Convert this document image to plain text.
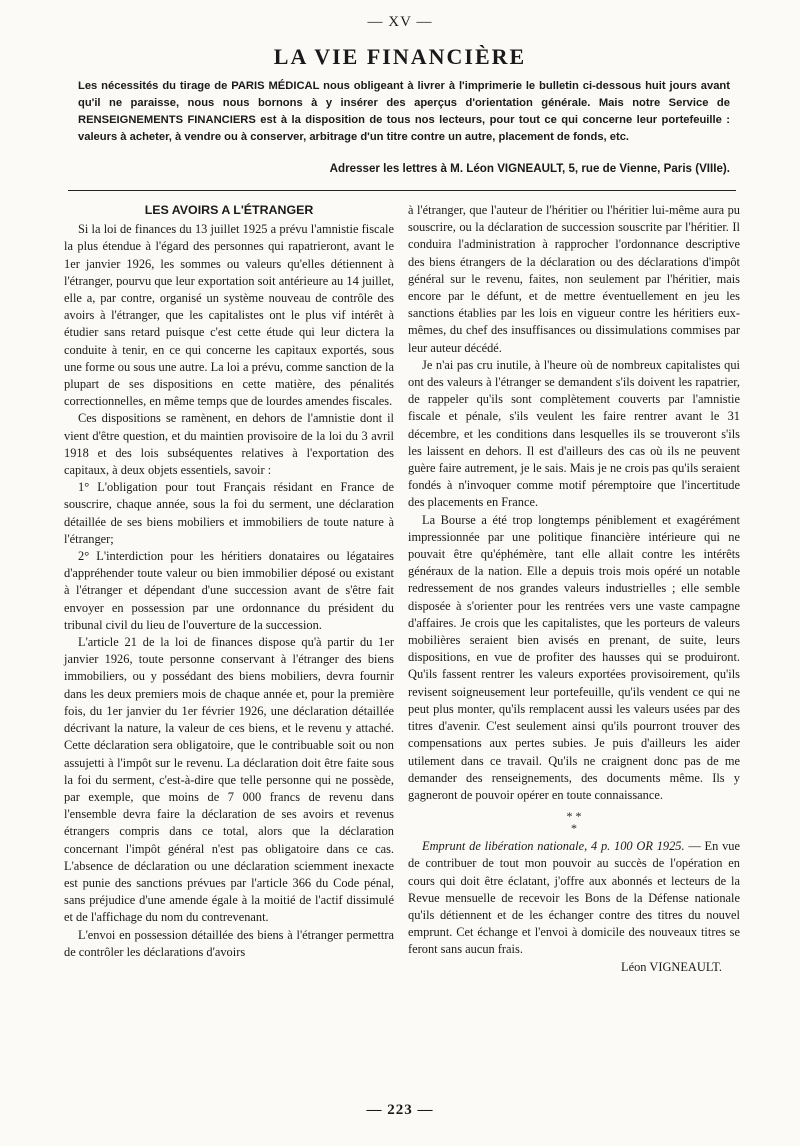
— XV —
LA VIE FINANCIÈRE
Les nécessités du tirage de PARIS MÉDICAL nous obligeant à livrer à l'imprimerie le bulletin ci-dessous huit jours avant qu'il ne paraisse, nous nous bornons à y insérer des aperçus d'orientation générale. Mais notre Service de RENSEIGNEMENTS FINANCIERS est à la disposition de tous nos lecteurs, pour tout ce qui concerne leur portefeuille : valeurs à acheter, à vendre ou à conserver, arbitrage d'un titre contre un autre, placement de fonds, etc.
Adresser les lettres à M. Léon VIGNEAULT, 5, rue de Vienne, Paris (VIIIe).
LES AVOIRS A L'ÉTRANGER

Si la loi de finances du 13 juillet 1925 a prévu l'amnistie fiscale la plus étendue à l'égard des personnes qui rapatrieront, avant le 1er janvier 1926, les sommes ou valeurs qu'elles détiennent à l'étranger, pourvu que leur exportation soit antérieure au 14 juillet, elle a, par contre, organisé un système nouveau de contrôle des avoirs à l'étranger, que les capitalistes ont le plus vif intérêt à étudier sans retard puisque c'est cette étude qui leur dictera la conduite à tenir, en ce qui concerne les capitaux exportés, sous une forme ou sous une autre. La loi a prévu, comme sanction de la plupart de ses dispositions en cette matière, des pénalités correctionnelles, en même temps que de lourdes amendes fiscales.

Ces dispositions se ramènent, en dehors de l'amnistie dont il vient d'être question, et du maintien provisoire de la loi du 3 avril 1918 et des lois subséquentes relatives à l'exportation des capitaux, à deux objets essentiels, savoir :

1° L'obligation pour tout Français résidant en France de souscrire, chaque année, sous la foi du serment, une déclaration détaillée de ses biens mobiliers et immobiliers de toute nature à l'étranger;

2° L'interdiction pour les héritiers donataires ou légataires d'appréhender toute valeur ou bien immobilier déposé ou existant à l'étranger et dépendant d'une succession avant de s'être fait envoyer en possession par une ordonnance du président du tribunal civil du lieu de l'ouverture de la succession.

L'article 21 de la loi de finances dispose qu'à partir du 1er janvier 1926, toute personne conservant à l'étranger des biens immobiliers, ou y possédant des biens mobiliers, devra fournir dans les deux premiers mois de chaque année et, pour la première fois, du 1er janvier du 1er février 1926, une déclaration détaillée décrivant la nature, la valeur de ces biens, et le revenu y attaché. Cette déclaration sera obligatoire, que le contribuable soit ou non assujetti à l'impôt sur le revenu. La déclaration doit être faite sous la foi du serment, c'est-à-dire que telle personne qui ne possède, par exemple, que moins de 7 000 francs de revenu dans l'ensemble devra faire la déclaration de ses avoirs et revenus étrangers compris dans ce total, alors que la déclaration concernant l'impôt général n'est pas obligatoire dans ce cas. L'absence de déclaration ou une déclaration sciemment inexacte est punie des sanctions prévues par l'article 366 du Code pénal, sans préjudice d'une amende égale à la moitié de l'actif dissimulé et de l'affichage du nom du contrevenant.

L'envoi en possession détaillée des biens à l'étranger permettra de contrôler les déclarations d'avoirs

à l'étranger, que l'auteur de l'héritier ou l'héritier lui-même aura pu souscrire, ou la déclaration de succession souscrite par l'héritier. Il conduira l'administration à rapprocher l'ordonnance descriptive des biens étrangers de la déclaration ou des déclarations d'impôt général sur le revenu, faites, non seulement par l'héritier, mais encore par le défunt, et de mettre éventuellement en jeu les sanctions établies par les lois en vigueur contre les héritiers eux-mêmes, du chef des insuffisances ou dissimulations commises par leur auteur décédé.

Je n'ai pas cru inutile, à l'heure où de nombreux capitalistes qui ont des valeurs à l'étranger se demandent s'ils doivent les rapatrier, de rappeler qu'ils sont complètement couverts par l'amnistie fiscale et pénale, s'ils veulent les faire rentrer avant le 31 décembre, et les conditions dans lesquelles ils se trouveront s'ils les laissent en dehors. Il est d'ailleurs des cas où ils ne peuvent guère faire autrement, je le sais. Mais je ne crois pas qu'ils seraient fondés à n'invoquer comme motif péremptoire que l'incertitude des placements en France.

La Bourse a été trop longtemps péniblement et exagérément impressionnée par une politique financière intérieure qui ne pouvait être qu'éphémère, tant elle allait contre les intérêts généraux de la nation. Elle a depuis trois mois opéré un notable redressement de nos grandes valeurs industrielles ; elle semble disposée à s'orienter pour les rentrées vers une vaste campagne d'affaires. Je crois que les capitalistes, que les porteurs de valeurs mobilières seraient bien avisés en prenant, de suite, leurs dispositions, en vue de profiter des hausses qui se produiront. Qu'ils fassent rentrer les valeurs exportées provisoirement, qu'ils revisent soigneusement leur portefeuille, qu'ils vendent ce qui ne peut plus monter, qu'ils remplacent aussi les valeurs usées par des titres d'avenir. C'est seulement ainsi qu'ils pourront trouver des compensations aux pertes subies. Je puis d'ailleurs les aider utilement dans ce travail. Qu'ils ne craignent donc pas de me demander des renseignements, des documents même. Ils y gagneront de pouvoir opérer en toute connaissance.

* *
*

Emprunt de libération nationale, 4 p. 100 OR 1925. — En vue de contribuer de tout mon pouvoir au succès de l'opération en cours qui doit être éclatant, j'offre aux abonnés et lecteurs de la Revue mensuelle de recevoir les Bons de la Défense nationale qu'ils détiennent et de les échanger contre des titres du nouvel emprunt. Cet échange et l'envoi à domicile des nouveaux titres se feront sans aucun frais.

Léon VIGNEAULT.
— 223 —
